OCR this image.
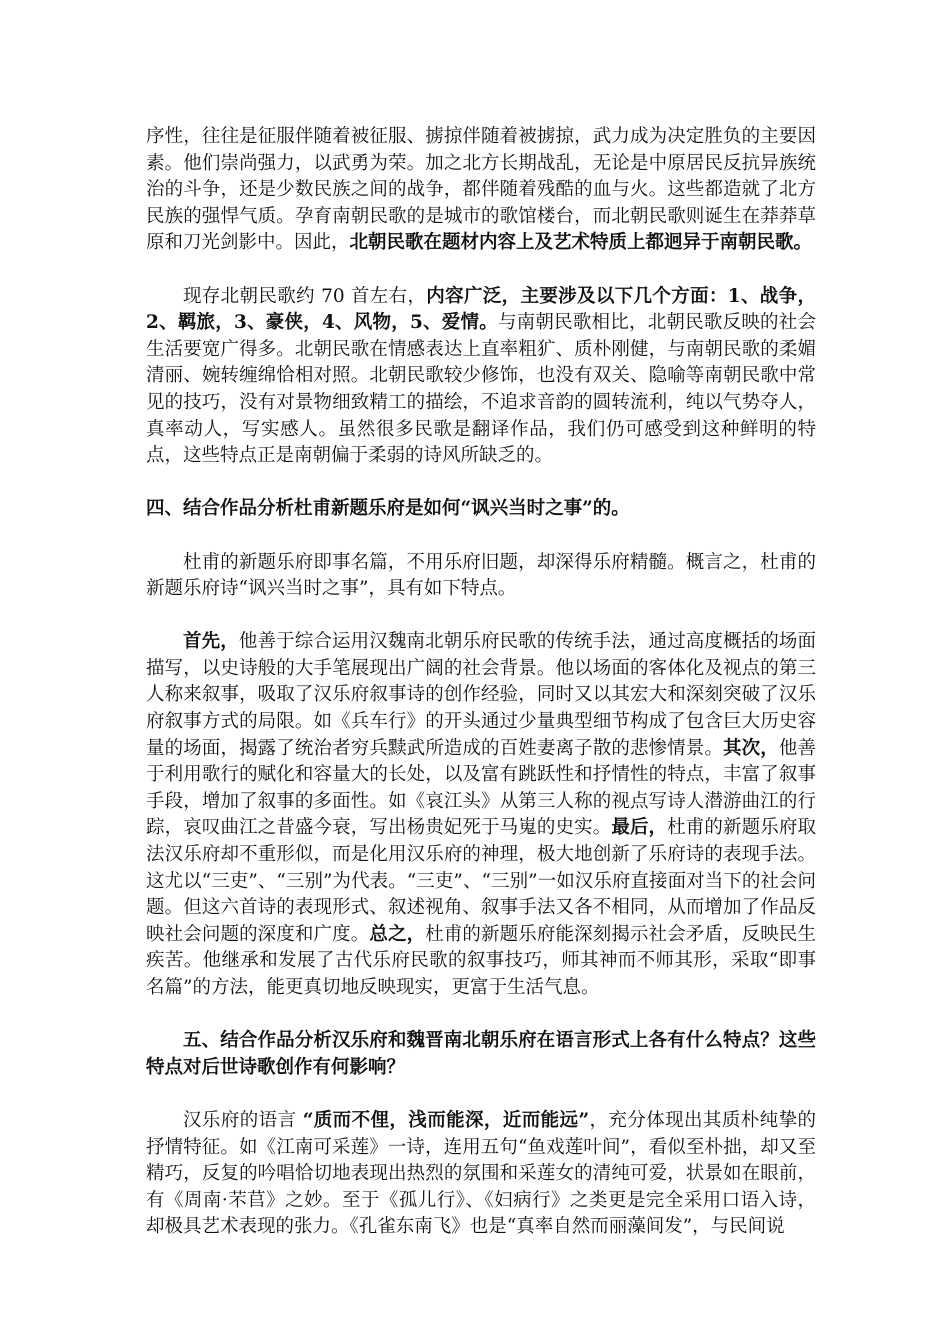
序性，往往是征服伴随着被征服、掳掠伴随着被掳掠，武力成为决定胜负的主要因素。他们崇尚强力，以武勇为荣。加之北方长期战乱，无论是中原居民反抗异族统治的斗争，还是少数民族之间的战争，都伴随着残酷的血与火。这些都造就了北方民族的强悍气质。孕育南朝民歌的是城市的歌馆楼台，而北朝民歌则诞生在莽莽草原和刀光剑影中。因此，北朝民歌在题材内容上及艺术特质上都迥异于南朝民歌。

现存北朝民歌约 70 首左右，内容广泛，主要涉及以下几个方面：1、战争，2、羁旅，3、豪侠，4、风物，5、爱情。与南朝民歌相比，北朝民歌反映的社会生活要宽广得多。北朝民歌在情感表达上直率粗犷、质朴刚健，与南朝民歌的柔媚清丽、婉转缠绵恰相对照。北朝民歌较少修饰，也没有双关、隐喻等南朝民歌中常见的技巧，没有对景物细致精工的描绘，不追求音韵的圆转流利，纯以气势夺人，真率动人，写实感人。虽然很多民歌是翻译作品，我们仍可感受到这种鲜明的特点，这些特点正是南朝偏于柔弱的诗风所缺乏的。

四、结合作品分析杜甫新题乐府是如何“讽兴当时之事”的。

杜甫的新题乐府即事名篇，不用乐府旧题，却深得乐府精髓。概言之，杜甫的新题乐府诗“讽兴当时之事”，具有如下特点。

首先，他善于综合运用汉魏南北朝乐府民歌的传统手法，通过高度概括的场面描写，以史诗般的大手笔展现出广阔的社会背景。他以场面的客体化及视点的第三人称来叙事，吸取了汉乐府叙事诗的创作经验，同时又以其宏大和深刻突破了汉乐府叙事方式的局限。如《兵车行》的开头通过少量典型细节构成了包含巨大历史容量的场面，揭露了统治者穷兵黩武所造成的百姓妻离子散的悲惨情景。其次，他善于利用歌行的赋化和容量大的长处，以及富有跳跃性和抒情性的特点，丰富了叙事手段，增加了叙事的多面性。如《哀江头》从第三人称的视点写诗人潜游曲江的行踪，哀叹曲江之昔盛今衰，写出杨贵妃死于马嵬的史实。最后，杜甫的新题乐府取法汉乐府却不重形似，而是化用汉乐府的神理，极大地创新了乐府诗的表现手法。这尤以“三吏”、“三别”为代表。“三吏”、“三别”一如汉乐府直接面对当下的社会问题。但这六首诗的表现形式、叙述视角、叙事手法又各不相同，从而增加了作品反映社会问题的深度和广度。总之，杜甫的新题乐府能深刻揭示社会矛盾，反映民生疾苦。他继承和发展了古代乐府民歌的叙事技巧，师其神而不师其形，采取“即事名篇”的方法，能更真切地反映现实，更富于生活气息。

五、结合作品分析汉乐府和魏晋南北朝乐府在语言形式上各有什么特点？这些特点对后世诗歌创作有何影响？

汉乐府的语言 “质而不俚，浅而能深，近而能远”，充分体现出其质朴纯挚的抒情特征。如《江南可采莲》一诗，连用五句“鱼戏莲叶间”，看似至朴拙，却又至精巧，反复的吟唱恰切地表现出热烈的氛围和采莲女的清纯可爱，状景如在眼前，有《周南·芣苢》之妙。至于《孤儿行》、《妇病行》之类更是完全采用口语入诗，却极具艺术表现的张力。《孔雀东南飞》也是“真率自然而丽藻间发”，与民间说
